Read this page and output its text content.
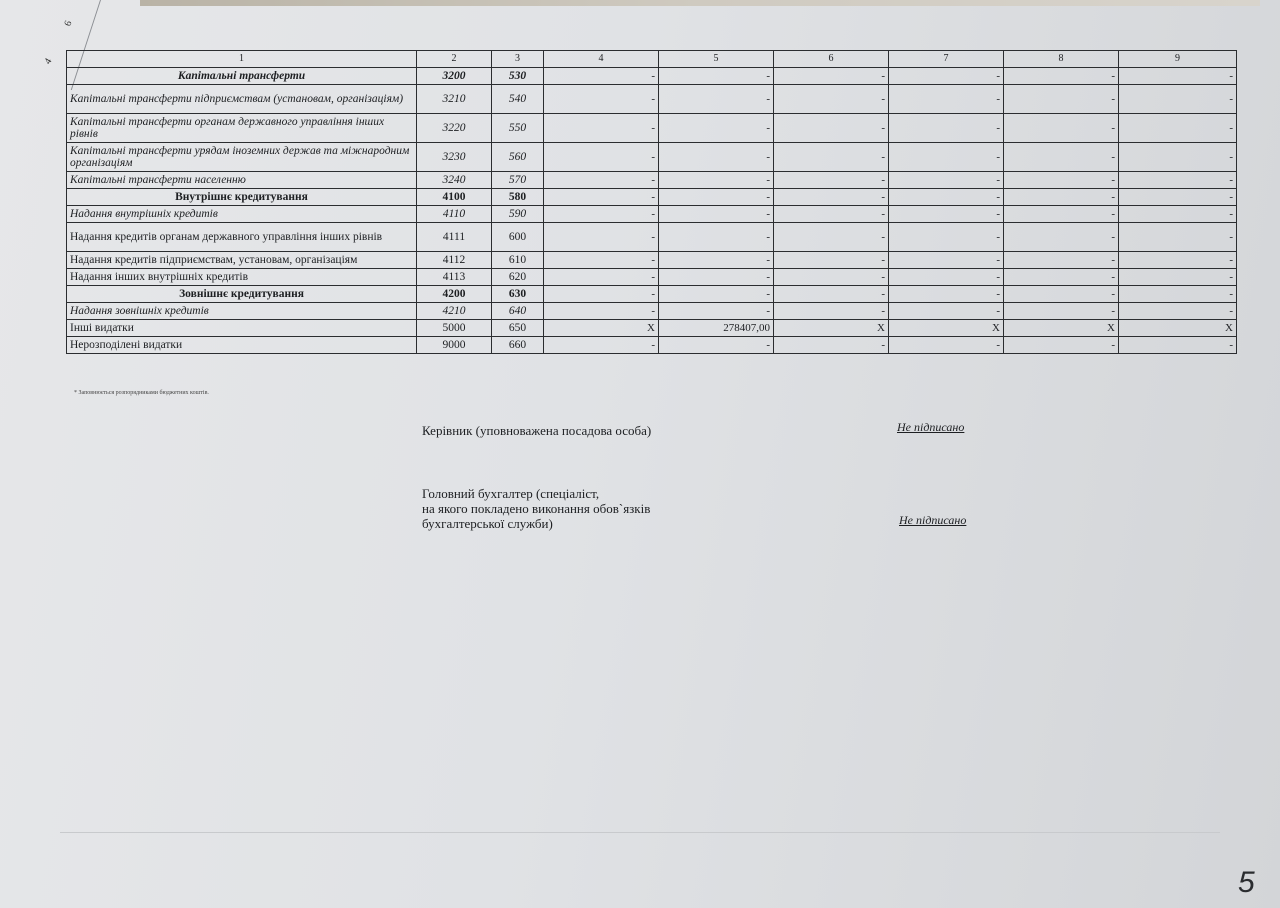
6
4	1	2	3	4	5	6	7	8	9
Капітальні трансферти	3200	530	-	-	-	-	-	-
Капітальні трансферти підприємствам (установам, організаціям)	3210	540	-	-	-	-	-	-
Капітальні трансферти органам державного управління інших рівнів	3220	550	-	-	-	-	-	-
Капітальні трансферти урядам іноземних держав та міжнародним організаціям	3230	560	-	-	-	-	-	-
Капітальні трансферти населенню	3240	570	-	-	-	-	-	-
Внутрішнє кредитування	4100	580	-	-	-	-	-	-
Надання внутрішніх кредитів	4110	590	-	-	-	-	-	-
Надання кредитів органам державного управління інших рівнів	4111	600	-	-	-	-	-	-
Надання кредитів підприємствам, установам, організаціям	4112	610	-	-	-	-	-	-
Надання інших внутрішніх кредитів	4113	620	-	-	-	-	-	-
Зовнішнє кредитування	4200	630	-	-	-	-	-	-
Надання зовнішніх кредитів	4210	640	-	-	-	-	-	-
Інші видатки	5000	650	X	278407,00	X	X	X	X
Нерозподілені видатки	9000	660	-	-	-	-	-	-
* Заповнюється розпорядниками бюджетних коштів.
Керівник (уповноважена посадова особа)	Не підписано
Головний бухгалтер (спеціаліст,
на якого покладено виконання обов`язків
бухгалтерської служби)	Не підписано
5
